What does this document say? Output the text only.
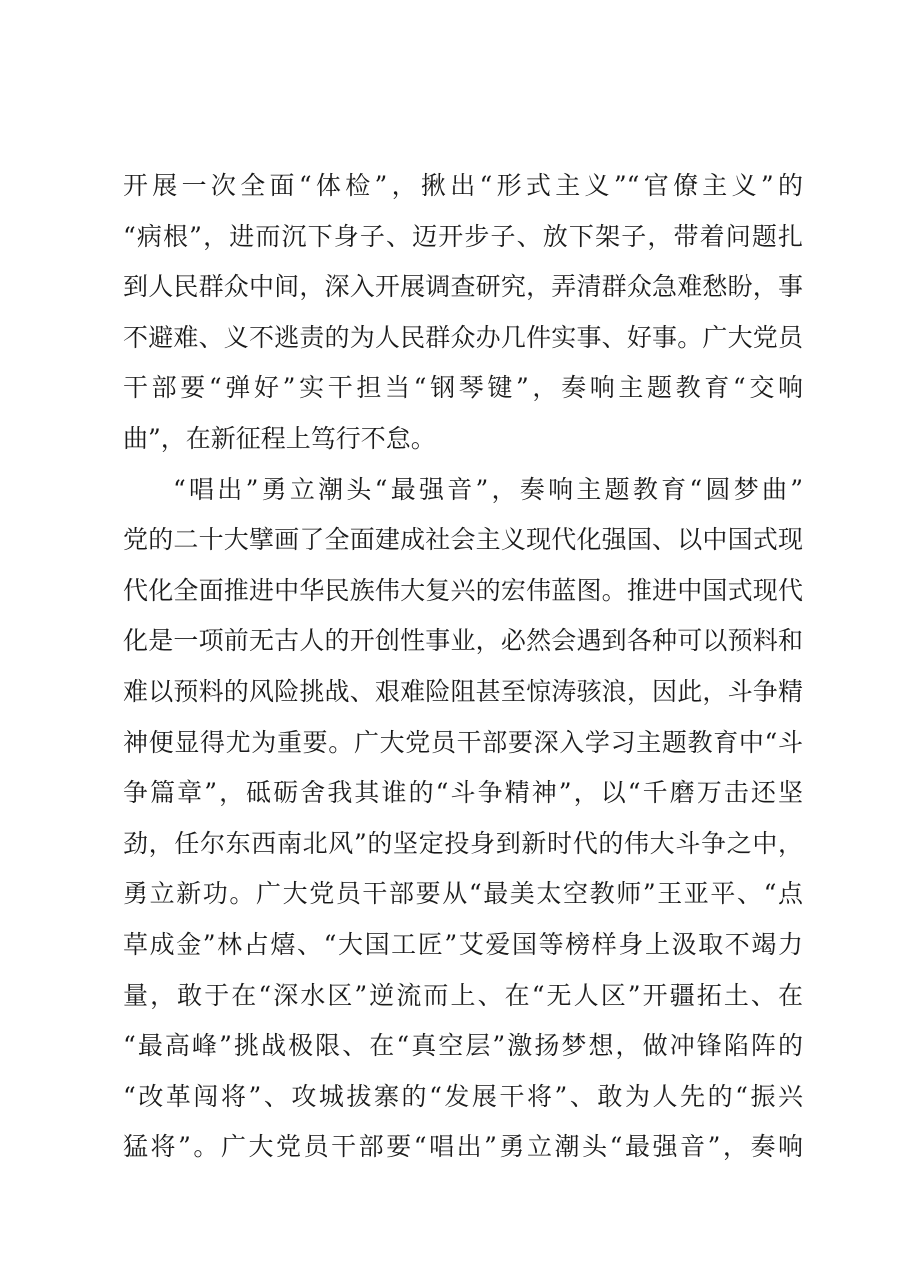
开展一次全面“体检”，揪出“形式主义”“官僚主义”的
“病根”，进而沉下身子、迈开步子、放下架子，带着问题扎
到人民群众中间，深入开展调查研究，弄清群众急难愁盼，事
不避难、义不逃责的为人民群众办几件实事、好事。广大党员
干部要“弹好”实干担当“钢琴键”，奏响主题教育“交响
曲”，在新征程上笃行不怠。
“唱出”勇立潮头“最强音”，奏响主题教育“圆梦曲”
党的二十大擘画了全面建成社会主义现代化强国、以中国式现
代化全面推进中华民族伟大复兴的宏伟蓝图。推进中国式现代
化是一项前无古人的开创性事业，必然会遇到各种可以预料和
难以预料的风险挑战、艰难险阻甚至惊涛骇浪，因此，斗争精
神便显得尤为重要。广大党员干部要深入学习主题教育中“斗
争篇章”，砥砺舍我其谁的“斗争精神”，以“千磨万击还坚
劲，任尔东西南北风”的坚定投身到新时代的伟大斗争之中，
勇立新功。广大党员干部要从“最美太空教师”王亚平、“点
草成金”林占熺、“大国工匠”艾爱国等榜样身上汲取不竭力
量，敢于在“深水区”逆流而上、在“无人区”开疆拓土、在
“最高峰”挑战极限、在“真空层”激扬梦想，做冲锋陷阵的
“改革闯将”、攻城拔寨的“发展干将”、敢为人先的“振兴
猛将”。广大党员干部要“唱出”勇立潮头“最强音”，奏响
